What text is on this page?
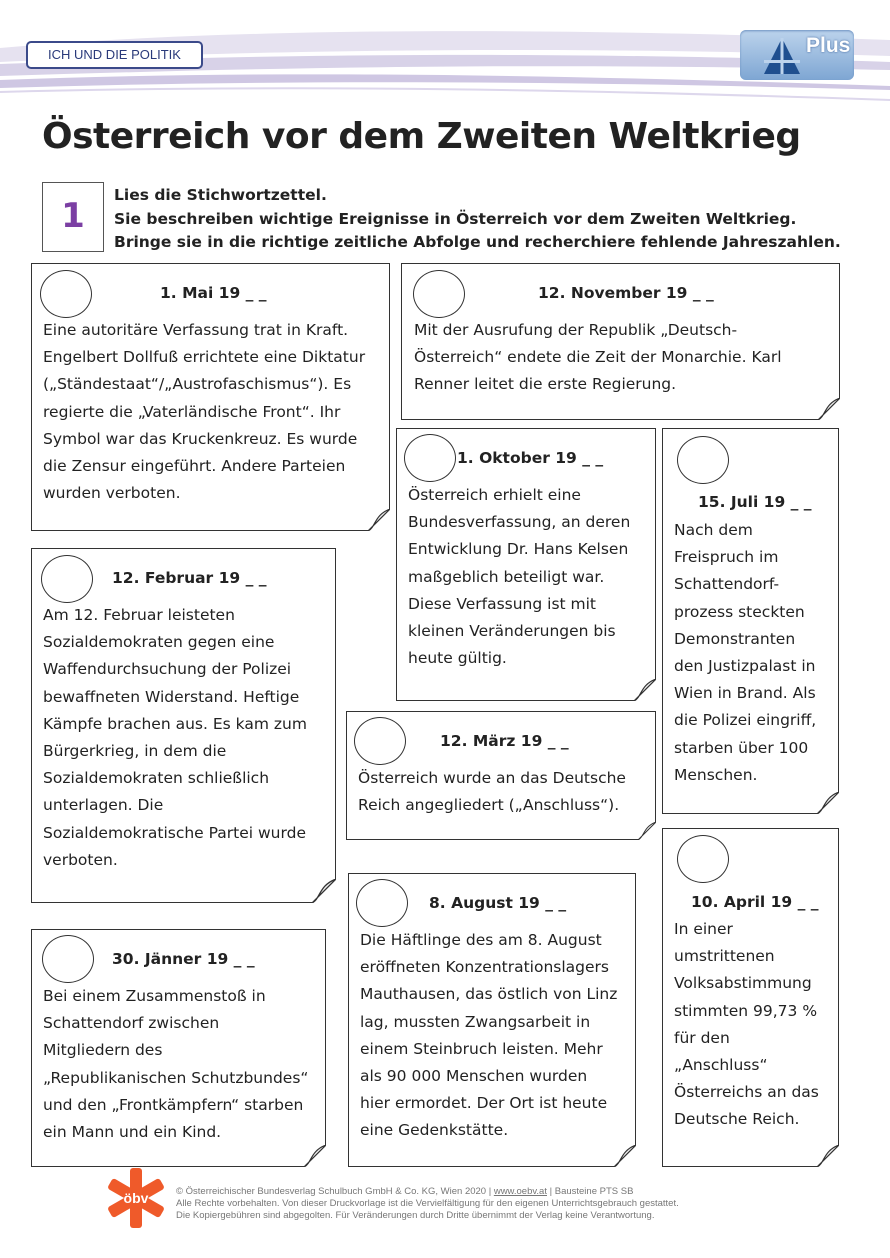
ICH UND DIE POLITIK	Plus
Österreich vor dem Zweiten Weltkrieg
1
Lies die Stichwortzettel.
Sie beschreiben wichtige Ereignisse in Österreich vor dem Zweiten Weltkrieg.
Bringe sie in die richtige zeitliche Abfolge und recherchiere fehlende Jahreszahlen.
1. Mai 19 _ _
Eine autoritäre Verfassung trat in Kraft.
Engelbert Dollfuß errichtete eine Diktatur
(„Ständestaat“/„Austrofaschismus“). Es
regierte die „Vaterländische Front“. Ihr
Symbol war das Kruckenkreuz. Es wurde
die Zensur eingeführt. Andere Parteien
wurden verboten.
12. November 19 _ _
Mit der Ausrufung der Republik „Deutsch-
Österreich“ endete die Zeit der Monarchie. Karl
Renner leitet die erste Regierung.
1. Oktober 19 _ _
Österreich erhielt eine
Bundesverfassung, an deren
Entwicklung Dr. Hans Kelsen
maßgeblich beteiligt war.
Diese Verfassung ist mit
kleinen Veränderungen bis
heute gültig.
15. Juli 19 _ _
Nach dem
Freispruch im
Schattendorf-
prozess steckten
Demonstranten
den Justizpalast in
Wien in Brand. Als
die Polizei eingriff,
starben über 100
Menschen.
12. Februar 19 _ _
Am 12. Februar leisteten
Sozialdemokraten gegen eine
Waffendurchsuchung der Polizei
bewaffneten Widerstand. Heftige
Kämpfe brachen aus. Es kam zum
Bürgerkrieg, in dem die
Sozialdemokraten schließlich
unterlagen. Die
Sozialdemokratische Partei wurde
verboten.
12. März 19 _ _
Österreich wurde an das Deutsche
Reich angegliedert („Anschluss“).
30. Jänner 19 _ _
Bei einem Zusammenstoß in
Schattendorf zwischen
Mitgliedern des
„Republikanischen Schutzbundes“
und den „Frontkämpfern“ starben
ein Mann und ein Kind.
8. August 19 _ _
Die Häftlinge des am 8. August
eröffneten Konzentrationslagers
Mauthausen, das östlich von Linz
lag, mussten Zwangsarbeit in
einem Steinbruch leisten. Mehr
als 90 000 Menschen wurden
hier ermordet. Der Ort ist heute
eine Gedenkstätte.
10. April 19 _ _
In einer
umstrittenen
Volksabstimmung
stimmten 99,73 %
für den
„Anschluss“
Österreichs an das
Deutsche Reich.
öbv	© Österreichischer Bundesverlag Schulbuch GmbH & Co. KG, Wien 2020 | www.oebv.at | Bausteine PTS SB
Alle Rechte vorbehalten. Von dieser Druckvorlage ist die Vervielfältigung für den eigenen Unterrichtsgebrauch gestattet.
Die Kopiergebühren sind abgegolten. Für Veränderungen durch Dritte übernimmt der Verlag keine Verantwortung.
